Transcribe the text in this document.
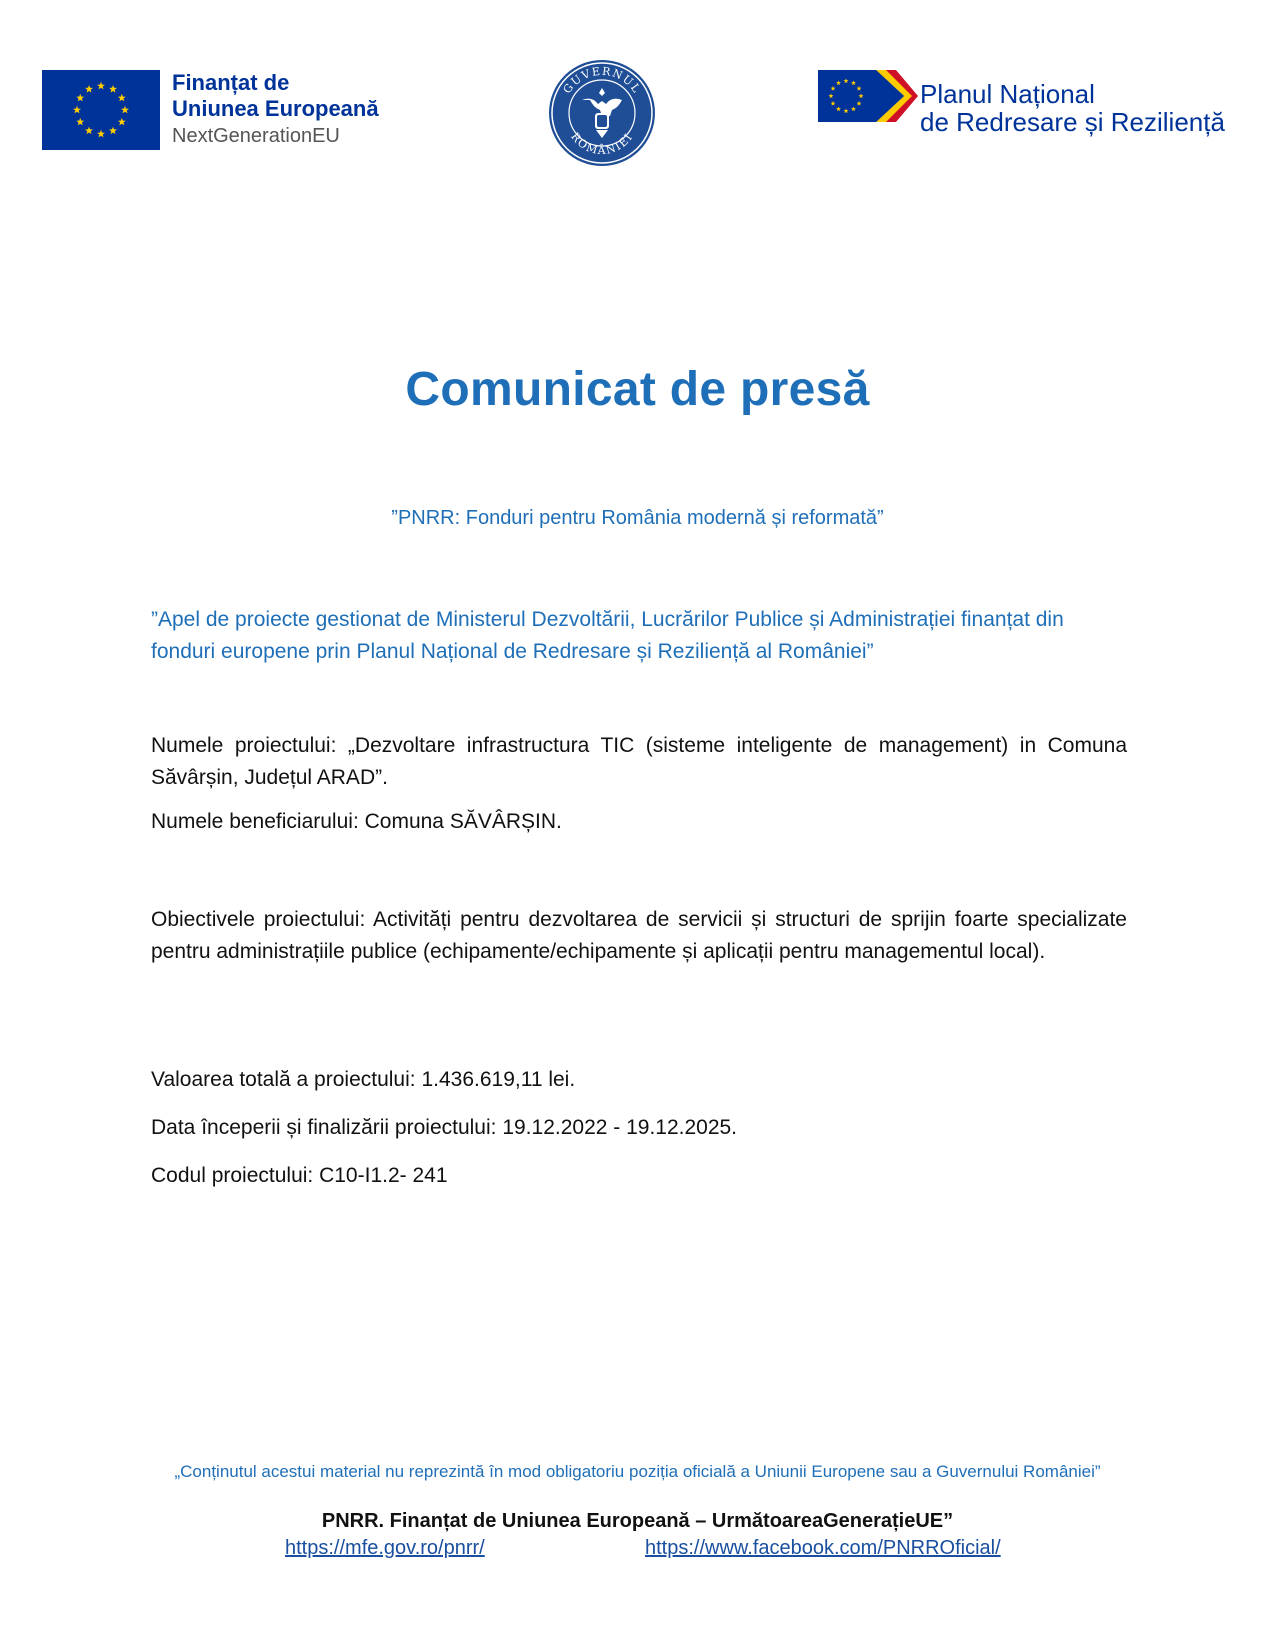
Finanțat de
Uniunea Europeană
NextGenerationEU
GUVERNUL
ROMÂNIEI
Planul Național
de Redresare și Reziliență
Comunicat de presă
”PNRR: Fonduri pentru România modernă și reformată”
”Apel de proiecte gestionat de Ministerul Dezvoltării, Lucrărilor Publice și Administrației finanțat din fonduri europene prin Planul Național de Redresare și Reziliență al României”
Numele proiectului: „Dezvoltare infrastructura TIC (sisteme inteligente de management) in Comuna Săvârșin, Județul ARAD”.
Numele beneficiarului: Comuna SĂVÂRȘIN.
Obiectivele proiectului: Activități pentru dezvoltarea de servicii și structuri de sprijin foarte specializate pentru administrațiile publice (echipamente/echipamente și aplicații pentru managementul local).
Valoarea totală a proiectului: 1.436.619,11 lei.
Data începerii și finalizării proiectului: 19.12.2022 - 19.12.2025.
Codul proiectului: C10-I1.2- 241
„Conținutul acestui material nu reprezintă în mod obligatoriu poziția oficială a Uniunii Europene sau a Guvernului României”
PNRR. Finanțat de Uniunea Europeană – UrmătoareaGenerațieUE”
https://mfe.gov.ro/pnrr/	https://www.facebook.com/PNRROficial/
